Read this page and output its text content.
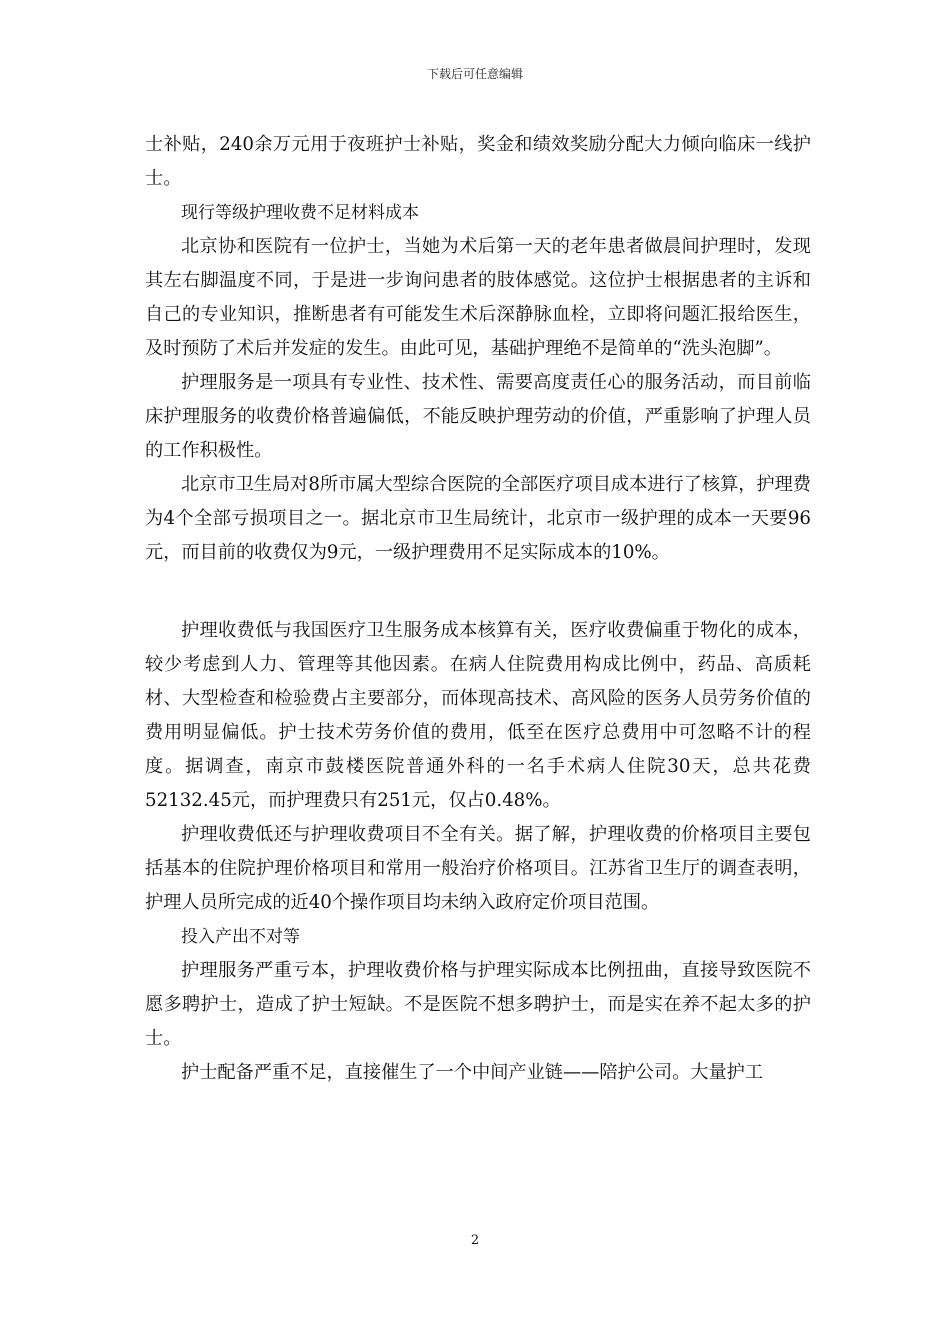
下载后可任意编辑

士补贴，240余万元用于夜班护士补贴，奖金和绩效奖励分配大力倾向临床一线护士。

现行等级护理收费不足材料成本

北京协和医院有一位护士，当她为术后第一天的老年患者做晨间护理时，发现其左右脚温度不同，于是进一步询问患者的肢体感觉。这位护士根据患者的主诉和自己的专业知识，推断患者有可能发生术后深静脉血栓，立即将问题汇报给医生，及时预防了术后并发症的发生。由此可见，基础护理绝不是简单的“洗头泡脚”。

护理服务是一项具有专业性、技术性、需要高度责任心的服务活动，而目前临床护理服务的收费价格普遍偏低，不能反映护理劳动的价值，严重影响了护理人员的工作积极性。

北京市卫生局对8所市属大型综合医院的全部医疗项目成本进行了核算，护理费为4个全部亏损项目之一。据北京市卫生局统计，北京市一级护理的成本一天要96元，而目前的收费仅为9元，一级护理费用不足实际成本的10%。

护理收费低与我国医疗卫生服务成本核算有关，医疗收费偏重于物化的成本，较少考虑到人力、管理等其他因素。在病人住院费用构成比例中，药品、高质耗材、大型检查和检验费占主要部分，而体现高技术、高风险的医务人员劳务价值的费用明显偏低。护士技术劳务价值的费用，低至在医疗总费用中可忽略不计的程度。据调查，南京市鼓楼医院普通外科的一名手术病人住院30天，总共花费52132.45元，而护理费只有251元，仅占0.48%。

护理收费低还与护理收费项目不全有关。据了解，护理收费的价格项目主要包括基本的住院护理价格项目和常用一般治疗价格项目。江苏省卫生厅的调查表明，护理人员所完成的近40个操作项目均未纳入政府定价项目范围。

投入产出不对等

护理服务严重亏本，护理收费价格与护理实际成本比例扭曲，直接导致医院不愿多聘护士，造成了护士短缺。不是医院不想多聘护士，而是实在养不起太多的护士。

护士配备严重不足，直接催生了一个中间产业链——陪护公司。大量护工

2
